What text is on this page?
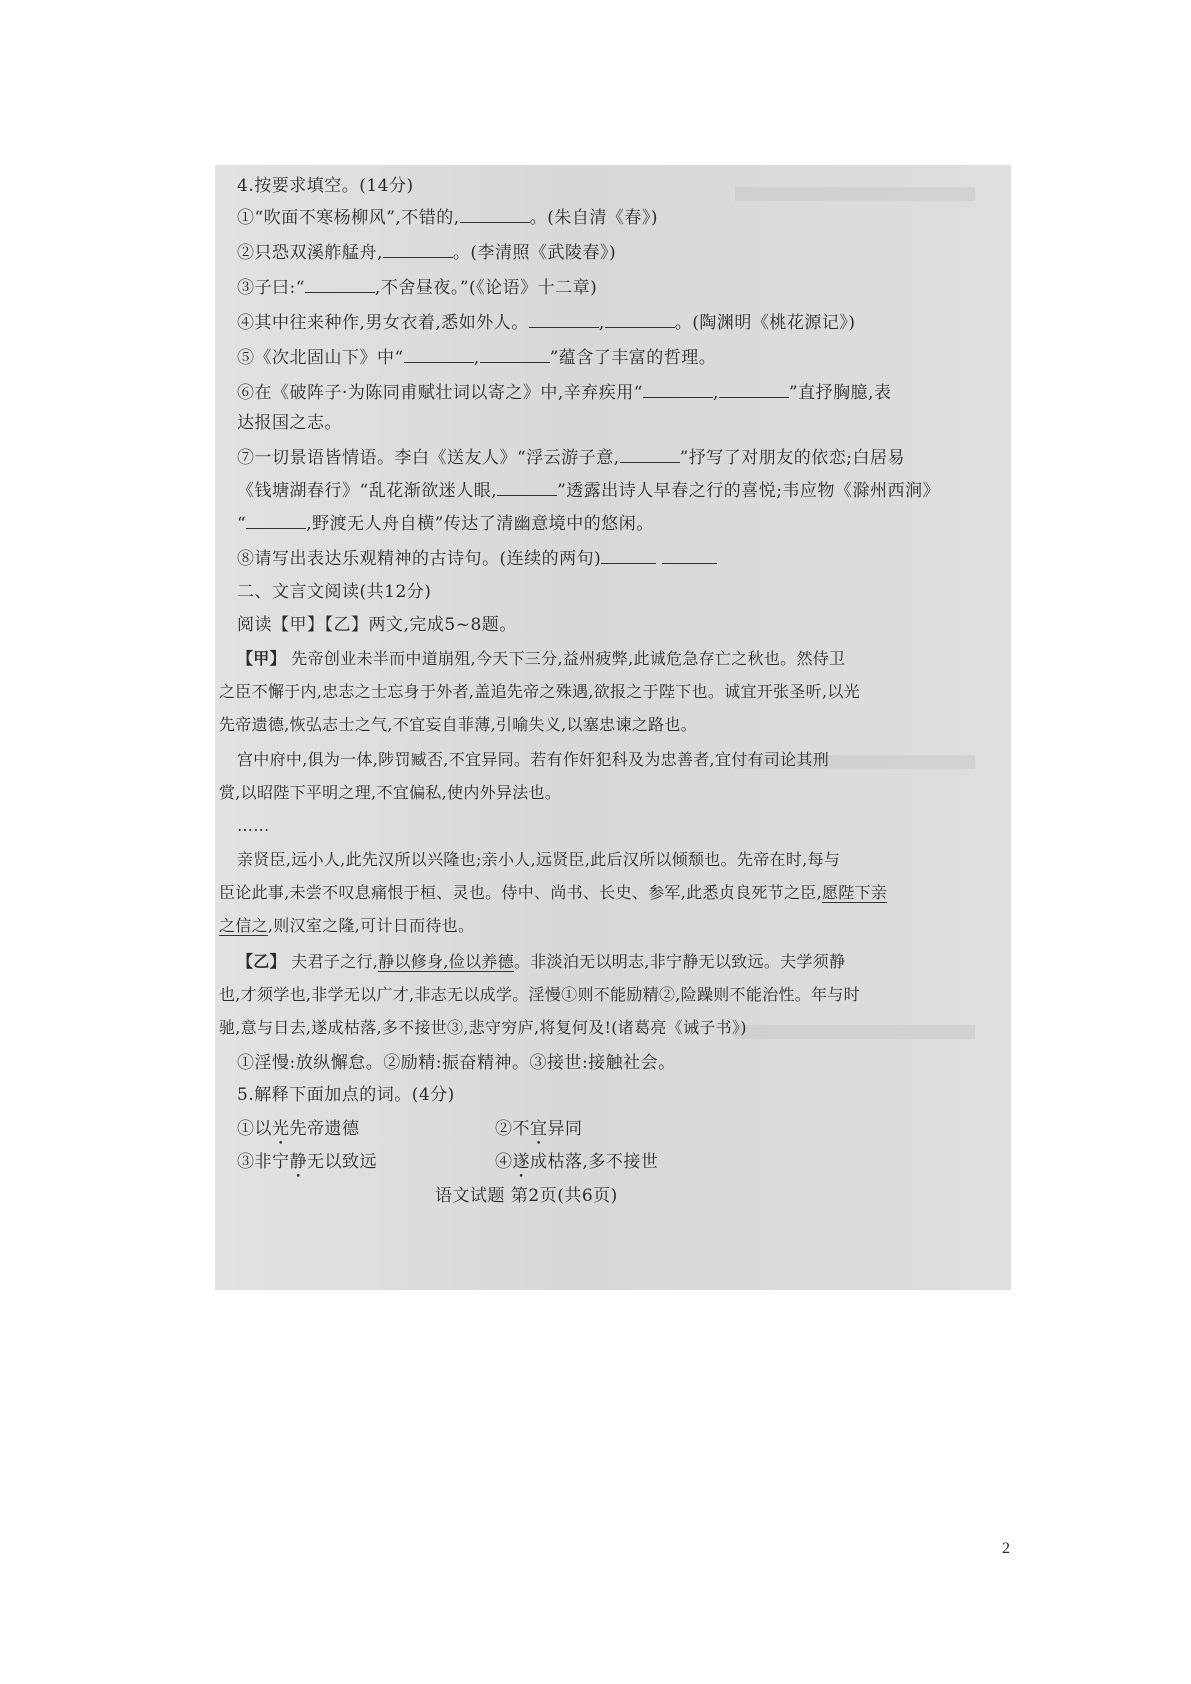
4.按要求填空。(14分)
①“吹面不寒杨柳风”,不错的,	。(朱自清《春》)
②只恐双溪舴艋舟,	。(李清照《武陵春》)
③子曰:“	,不舍昼夜。”(《论语》十二章)
④其中往来种作,男女衣着,悉如外人。	,	。(陶渊明《桃花源记》)
⑤《次北固山下》中“	,	”蕴含了丰富的哲理。
⑥在《破阵子·为陈同甫赋壮词以寄之》中,辛弃疾用“	,	”直抒胸臆,表
达报国之志。
⑦一切景语皆情语。李白《送友人》“浮云游子意,	”抒写了对朋友的依恋;白居易
《钱塘湖春行》“乱花渐欲迷人眼,	”透露出诗人早春之行的喜悦;韦应物《滁州西涧》
“	,野渡无人舟自横”传达了清幽意境中的悠闲。
⑧请写出表达乐观精神的古诗句。(连续的两句)
二、文言文阅读(共12分)
阅读【甲】【乙】两文,完成5~8题。
【甲】 先帝创业未半而中道崩殂,今天下三分,益州疲弊,此诚危急存亡之秋也。然侍卫
之臣不懈于内,忠志之士忘身于外者,盖追先帝之殊遇,欲报之于陛下也。诚宜开张圣听,以光
先帝遗德,恢弘志士之气,不宜妄自菲薄,引喻失义,以塞忠谏之路也。
宫中府中,俱为一体,陟罚臧否,不宜异同。若有作奸犯科及为忠善者,宜付有司论其刑
赏,以昭陛下平明之理,不宜偏私,使内外异法也。
……
亲贤臣,远小人,此先汉所以兴隆也;亲小人,远贤臣,此后汉所以倾颓也。先帝在时,每与
臣论此事,未尝不叹息痛恨于桓、灵也。侍中、尚书、长史、参军,此悉贞良死节之臣,愿陛下亲
之信之,则汉室之隆,可计日而待也。
【乙】 夫君子之行,静以修身,俭以养德。非淡泊无以明志,非宁静无以致远。夫学须静
也,才须学也,非学无以广才,非志无以成学。淫慢①则不能励精②,险躁则不能治性。年与时
驰,意与日去,遂成枯落,多不接世③,悲守穷庐,将复何及!(诸葛亮《诫子书》)
①淫慢:放纵懈怠。②励精:振奋精神。③接世:接触社会。
5.解释下面加点的词。(4分)
①以光先帝遗德	②不宜异同
③非宁静无以致远	④遂成枯落,多不接世
语文试题 第2页(共6页)
2
